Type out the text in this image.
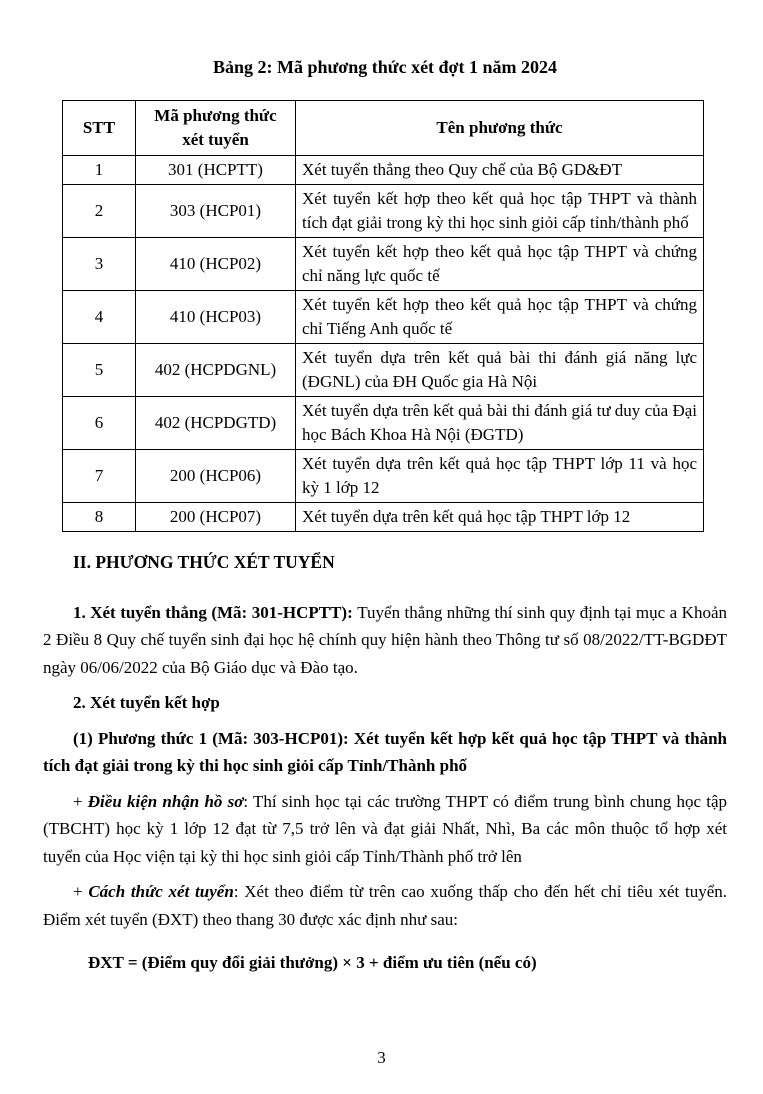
Bảng 2: Mã phương thức xét đợt 1 năm 2024
STT	Mã phương thức xét tuyển	Tên phương thức
1	301 (HCPTT)	Xét tuyển thẳng theo Quy chế của Bộ GD&ĐT
2	303 (HCP01)	Xét tuyển kết hợp theo kết quả học tập THPT và thành tích đạt giải trong kỳ thi học sinh giỏi cấp tỉnh/thành phố
3	410 (HCP02)	Xét tuyển kết hợp theo kết quả học tập THPT và chứng chỉ năng lực quốc tế
4	410 (HCP03)	Xét tuyển kết hợp theo kết quả học tập THPT và chứng chỉ Tiếng Anh quốc tế
5	402 (HCPDGNL)	Xét tuyển dựa trên kết quả bài thi đánh giá năng lực (ĐGNL) của ĐH Quốc gia Hà Nội
6	402 (HCPDGTD)	Xét tuyển dựa trên kết quả bài thi đánh giá tư duy của Đại học Bách Khoa Hà Nội (ĐGTD)
7	200 (HCP06)	Xét tuyển dựa trên kết quả học tập THPT lớp 11 và học kỳ 1 lớp 12
8	200 (HCP07)	Xét tuyển dựa trên kết quả học tập THPT lớp 12
II. PHƯƠNG THỨC XÉT TUYỂN

1. Xét tuyển thẳng (Mã: 301-HCPTT): Tuyển thẳng những thí sinh quy định tại mục a Khoản 2 Điều 8 Quy chế tuyển sinh đại học hệ chính quy hiện hành theo Thông tư số 08/2022/TT-BGDĐT ngày 06/06/2022 của Bộ Giáo dục và Đào tạo.

2. Xét tuyển kết hợp

(1) Phương thức 1 (Mã: 303-HCP01): Xét tuyển kết hợp kết quả học tập THPT và thành tích đạt giải trong kỳ thi học sinh giỏi cấp Tỉnh/Thành phố

+ Điều kiện nhận hồ sơ: Thí sinh học tại các trường THPT có điểm trung bình chung học tập (TBCHT) học kỳ 1 lớp 12 đạt từ 7,5 trở lên và đạt giải Nhất, Nhì, Ba các môn thuộc tổ hợp xét tuyển của Học viện tại kỳ thi học sinh giỏi cấp Tỉnh/Thành phố trở lên

+ Cách thức xét tuyển: Xét theo điểm từ trên cao xuống thấp cho đến hết chỉ tiêu xét tuyển. Điểm xét tuyển (ĐXT) theo thang 30 được xác định như sau:

ĐXT = (Điểm quy đổi giải thưởng) × 3 + điểm ưu tiên (nếu có)

3
